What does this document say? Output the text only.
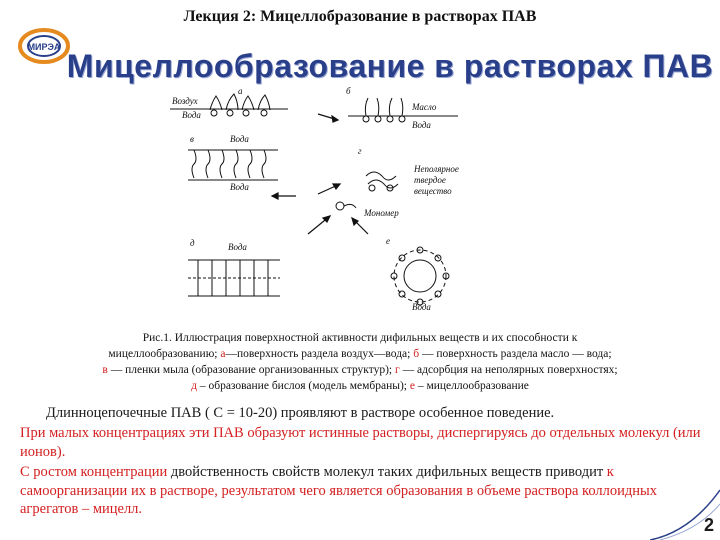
Лекция 2: Мицеллобразование в растворах ПАВ
МИРЭА
Мицеллообразование в растворах ПАВ
а
Воздух
Вода
б
Масло
Вода
в	Вода
Вода
г
Неполярное
твердое
вещество
Мономер
д	Вода
е
Вода
Рис.1. Иллюстрация поверхностной активности дифильных веществ и их способности к
мицеллообразованию; а—поверхность раздела воздух—вода; б — поверхность раздела масло — вода;
в — пленки мыла (образование организованных структур); г — адсорбция на неполярных поверхностях;
д – образование бислоя (модель мембраны); е – мицеллообразование
Длинноцепочечные ПАВ ( С = 10-20) проявляют в растворе особенное поведение.
При малых концентрациях эти ПАВ образуют истинные растворы, диспергируясь до отдельных молекул (или ионов).
С ростом концентрации двойственность свойств молекул таких дифильных веществ приводит к самоорганизации их в растворе, результатом чего является образования в объеме раствора коллоидных агрегатов – мицелл.
2
